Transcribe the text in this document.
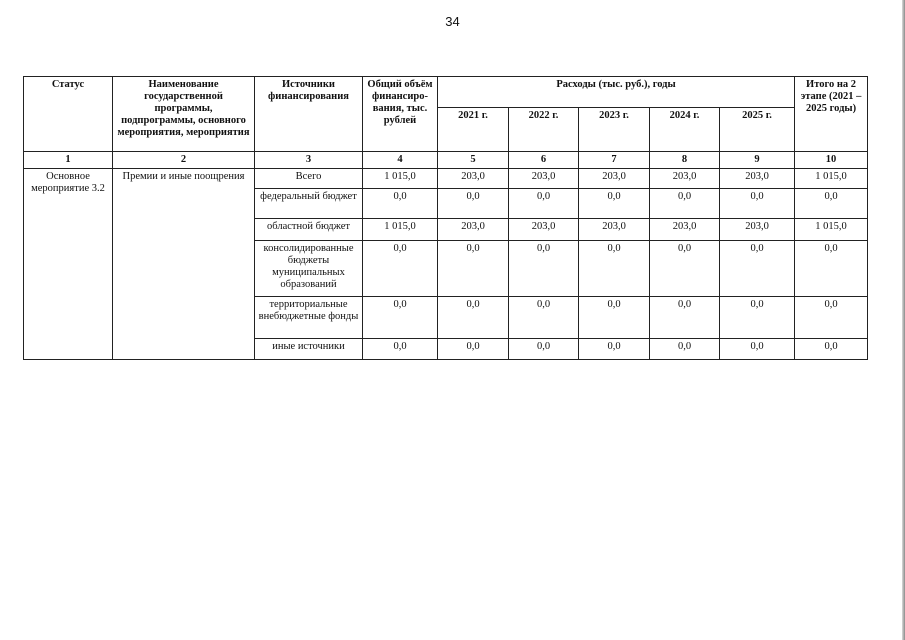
34
Статус	Наименование государственной программы, подпрограммы, основного мероприятия, мероприятия	Источники финансирования	Общий объём финансиро-вания, тыс. рублей	Расходы (тыс. руб.), годы					Итого на 2 этапе (2021 – 2025 годы)
				2021 г.	2022 г.	2023 г.	2024 г.	2025 г.	
1	2	3	4	5	6	7	8	9	10
Основное мероприятие 3.2	Премии и иные поощрения	Всего	1 015,0	203,0	203,0	203,0	203,0	203,0	1 015,0
		федеральный бюджет	0,0	0,0	0,0	0,0	0,0	0,0	0,0
		областной бюджет	1 015,0	203,0	203,0	203,0	203,0	203,0	1 015,0
		консолидированные бюджеты муниципальных образований	0,0	0,0	0,0	0,0	0,0	0,0	0,0
		территориальные внебюджетные фонды	0,0	0,0	0,0	0,0	0,0	0,0	0,0
		иные источники	0,0	0,0	0,0	0,0	0,0	0,0	0,0
